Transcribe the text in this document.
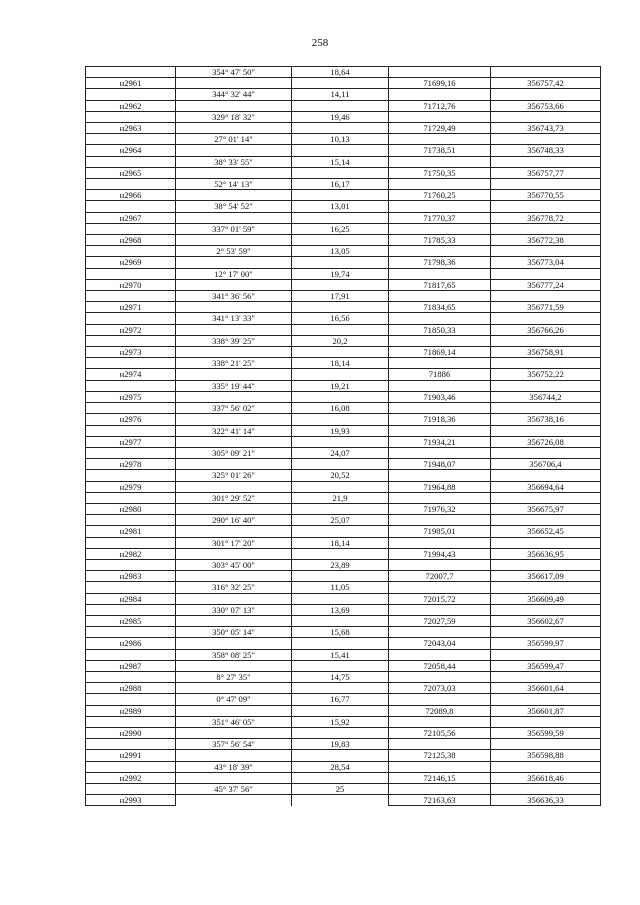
258
	354° 47' 50"	18,64		
н2961			71699,16	356757,42
	344° 32' 44"	14,11		
н2962			71712,76	356753,66
	329° 18' 32"	19,46		
н2963			71729,49	356743,73
	27° 01' 14"	10,13		
н2964			71738,51	356748,33
	38° 33' 55"	15,14		
н2965			71750,35	356757,77
	52° 14' 13"	16,17		
н2966			71760,25	356770,55
	38° 54' 52"	13,01		
н2967			71770,37	356778,72
	337° 01' 59"	16,25		
н2968			71785,33	356772,38
	2° 53' 59"	13,05		
н2969			71798,36	356773,04
	12° 17' 00"	19,74		
н2970			71817,65	356777,24
	341° 36' 56"	17,91		
н2971			71834,65	356771,59
	341° 13' 33"	16,56		
н2972			71850,33	356766,26
	338° 39' 25"	20,2		
н2973			71869,14	356758,91
	338° 21' 25"	18,14		
н2974			71886	356752,22
	335° 19' 44"	19,21		
н2975			71903,46	356744,2
	337° 56' 02"	16,08		
н2976			71918,36	356738,16
	322° 41' 14"	19,93		
н2977			71934,21	356726,08
	305° 09' 21"	24,07		
н2978			71948,07	356706,4
	325° 01' 26"	20,52		
н2979			71964,88	356694,64
	301° 29' 52"	21,9		
н2980			71976,32	356675,97
	290° 16' 40"	25,07		
н2981			71985,01	356652,45
	301° 17' 20"	18,14		
н2982			71994,43	356636,95
	303° 45' 00"	23,89		
н2983			72007,7	356617,09
	316° 32' 25"	11,05		
н2984			72015,72	356609,49
	330° 07' 13"	13,69		
н2985			72027,59	356602,67
	350° 05' 14"	15,68		
н2986			72043,04	356599,97
	358° 08' 25"	15,41		
н2987			72058,44	356599,47
	8° 27' 35"	14,75		
н2988			72073,03	356601,64
	0° 47' 09"	16,77		
н2989			72089,8	356601,87
	351° 46' 05"	15,92		
н2990			72105,56	356599,59
	357° 56' 54"	19,83		
н2991			72125,38	356598,88
	43° 18' 39"	28,54		
н2992			72146,15	356618,46
	45° 37' 56"	25		
н2993			72163,63	356636,33
